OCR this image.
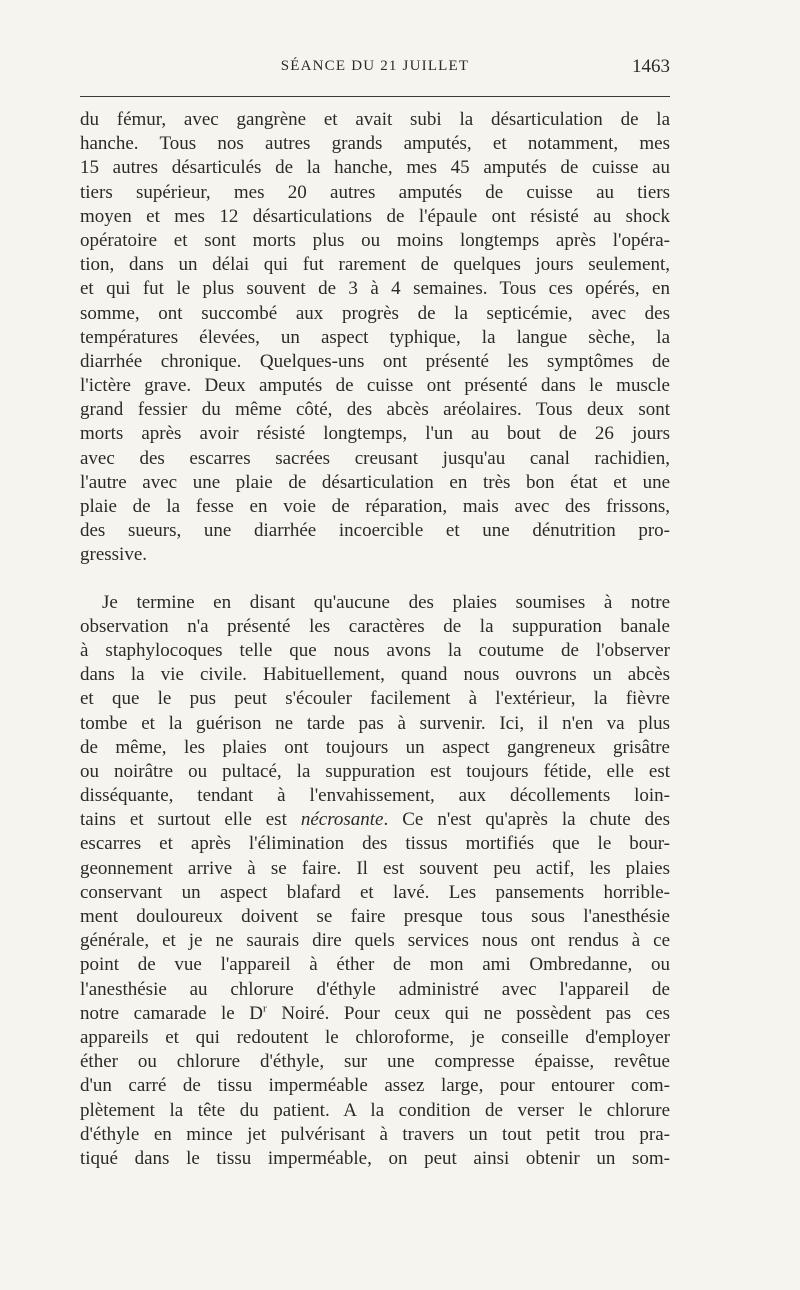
SÉANCE DU 21 JUILLET	1463
du fémur, avec gangrène et avait subi la désarticulation de la
hanche. Tous nos autres grands amputés, et notamment, mes
15 autres désarticulés de la hanche, mes 45 amputés de cuisse au
tiers supérieur, mes 20 autres amputés de cuisse au tiers
moyen et mes 12 désarticulations de l'épaule ont résisté au shock
opératoire et sont morts plus ou moins longtemps après l'opéra-
tion, dans un délai qui fut rarement de quelques jours seulement,
et qui fut le plus souvent de 3 à 4 semaines. Tous ces opérés, en
somme, ont succombé aux progrès de la septicémie, avec des
températures élevées, un aspect typhique, la langue sèche, la
diarrhée chronique. Quelques-uns ont présenté les symptômes de
l'ictère grave. Deux amputés de cuisse ont présenté dans le muscle
grand fessier du même côté, des abcès aréolaires. Tous deux sont
morts après avoir résisté longtemps, l'un au bout de 26 jours
avec des escarres sacrées creusant jusqu'au canal rachidien,
l'autre avec une plaie de désarticulation en très bon état et une
plaie de la fesse en voie de réparation, mais avec des frissons,
des sueurs, une diarrhée incoercible et une dénutrition pro-
gressive.
Je termine en disant qu'aucune des plaies soumises à notre
observation n'a présenté les caractères de la suppuration banale
à staphylocoques telle que nous avons la coutume de l'observer
dans la vie civile. Habituellement, quand nous ouvrons un abcès
et que le pus peut s'écouler facilement à l'extérieur, la fièvre
tombe et la guérison ne tarde pas à survenir. Ici, il n'en va plus
de même, les plaies ont toujours un aspect gangreneux grisâtre
ou noirâtre ou pultacé, la suppuration est toujours fétide, elle est
disséquante, tendant à l'envahissement, aux décollements loin-
tains et surtout elle est nécrosante. Ce n'est qu'après la chute des
escarres et après l'élimination des tissus mortifiés que le bour-
geonnement arrive à se faire. Il est souvent peu actif, les plaies
conservant un aspect blafard et lavé. Les pansements horrible-
ment douloureux doivent se faire presque tous sous l'anesthésie
générale, et je ne saurais dire quels services nous ont rendus à ce
point de vue l'appareil à éther de mon ami Ombredanne, ou
l'anesthésie au chlorure d'éthyle administré avec l'appareil de
notre camarade le $D^r$ Noiré. Pour ceux qui ne possèdent pas ces
appareils et qui redoutent le chloroforme, je conseille d'employer
éther ou chlorure d'éthyle, sur une compresse épaisse, revêtue
d'un carré de tissu imperméable assez large, pour entourer com-
plètement la tête du patient. A la condition de verser le chlorure
d'éthyle en mince jet pulvérisant à travers un tout petit trou pra-
tiqué dans le tissu imperméable, on peut ainsi obtenir un som-
